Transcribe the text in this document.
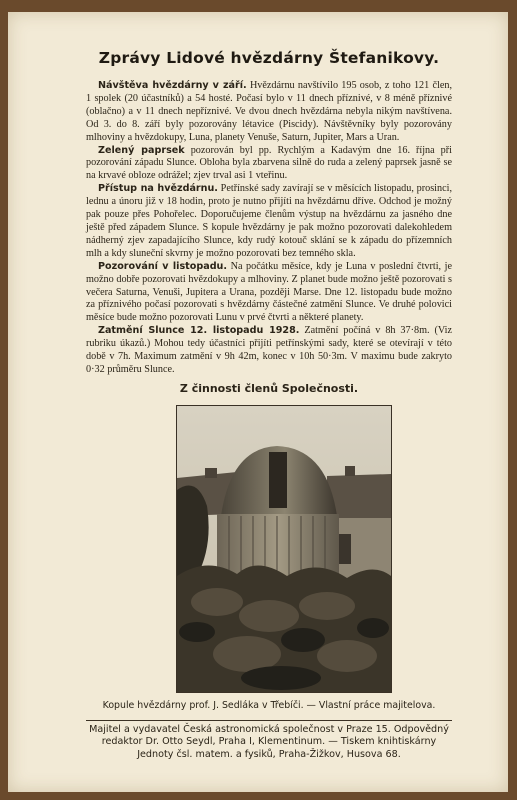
Zprávy Lidové hvězdárny Štefanikovy.

Návštěva hvězdárny v září. Hvězdárnu navštívilo 195 osob, z toho 121 člen, 1 spolek (20 účastníků) a 54 hosté. Počasí bylo v 11 dnech příznivé, v 8 méně příznivé (oblačno) a v 11 dnech nepříznivé. Ve dvou dnech hvězdárna nebyla nikým navštívena. Od 3. do 8. září byly pozorovány létavice (Piscidy). Návštěvníky byly pozorovány mlhoviny a hvězdokupy, Luna, planety Venuše, Saturn, Jupiter, Mars a Uran.

Zelený paprsek pozorován byl pp. Rychlým a Kadavým dne 16. října při pozorování západu Slunce. Obloha byla zbarvena silně do ruda a zelený paprsek jasně se na krvavé obloze odrážel; zjev trval asi 1 vteřinu.

Přístup na hvězdárnu. Petřínské sady zavírají se v měsících listopadu, prosinci, lednu a únoru již v 18 hodin, proto je nutno přijíti na hvězdárnu dříve. Odchod je možný pak pouze přes Pohořelec. Doporučujeme členům výstup na hvězdárnu za jasného dne ještě před západem Slunce. S kopule hvězdárny je pak možno pozorovati dalekohledem nádherný zjev zapadajícího Slunce, kdy rudý kotouč sklání se k západu do přízemních mlh a kdy sluneční skvrny je možno pozorovati bez temného skla.

Pozorování v listopadu. Na počátku měsíce, kdy je Luna v poslední čtvrti, je možno dobře pozorovati hvězdokupy a mlhoviny. Z planet bude možno ještě pozorovati s večera Saturna, Venuši, Jupitera a Urana, později Marse. Dne 12. listopadu bude možno za příznivého počasí pozorovati s hvězdárny částečné zatmění Slunce. Ve druhé polovici měsíce bude možno pozorovati Lunu v prvé čtvrti a některé planety.

Zatmění Slunce 12. listopadu 1928. Zatmění počíná v 8h 37·8m. (Viz rubriku úkazů.) Mohou tedy účastníci přijíti petřínskými sady, které se otevírají v této době v 7h. Maximum zatmění v 9h 42m, konec v 10h 50·3m. V maximu bude zakryto 0·32 průměru Slunce.

Z činnosti členů Společnosti.
Kopule hvězdárny prof. J. Sedláka v Třebíči. — Vlastní práce majitelova.
Majitel a vydavatel Česká astronomická společnost v Praze 15. Odpovědný redaktor Dr. Otto Seydl, Praha I, Klementinum. — Tiskem knihtiskárny Jednoty čsl. matem. a fysiků, Praha-Žižkov, Husova 68.
